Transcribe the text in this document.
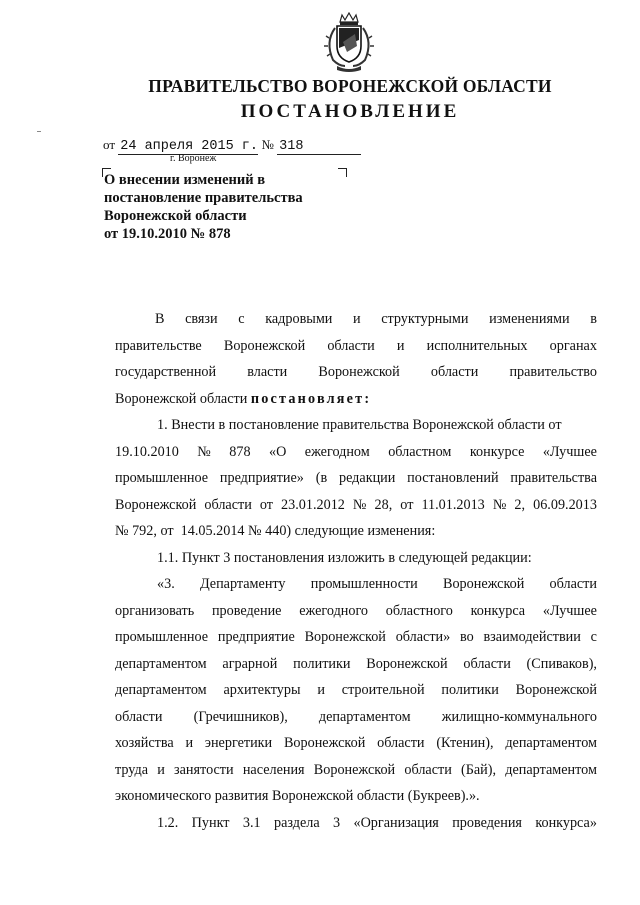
ПРАВИТЕЛЬСТВО ВОРОНЕЖСКОЙ ОБЛАСТИ
ПОСТАНОВЛЕНИЕ
от 24 апреля 2015 г. № 318
г. Воронеж
О внесении изменений в
постановление правительства
Воронежской области
от 19.10.2010 № 878
В связи с кадровыми и структурными изменениями в
правительстве Воронежской области и исполнительных органах
государственной власти Воронежской области правительство
Воронежской области
постановляет:
1. Внести в постановление правительства Воронежской области от
19.10.2010 № 878 «О ежегодном областном конкурсе «Лучшее
промышленное предприятие» (в редакции постановлений правительства
Воронежской области от 23.01.2012 № 28, от 11.01.2013 № 2, 06.09.2013
№ 792, от  14.05.2014 № 440) следующие изменения:
1.1. Пункт 3 постановления изложить в следующей редакции:
«3. Департаменту промышленности Воронежской области
организовать проведение ежегодного областного конкурса «Лучшее
промышленное предприятие Воронежской области» во взаимодействии с
департаментом аграрной политики Воронежской области (Спиваков),
департаментом архитектуры и строительной политики Воронежской
области (Гречишников), департаментом жилищно-коммунального
хозяйства и энергетики Воронежской области (Ктенин), департаментом
труда и занятости населения Воронежской области (Бай), департаментом
экономического развития Воронежской области (Букреев).».
1.2. Пункт 3.1 раздела 3 «Организация проведения конкурса»
